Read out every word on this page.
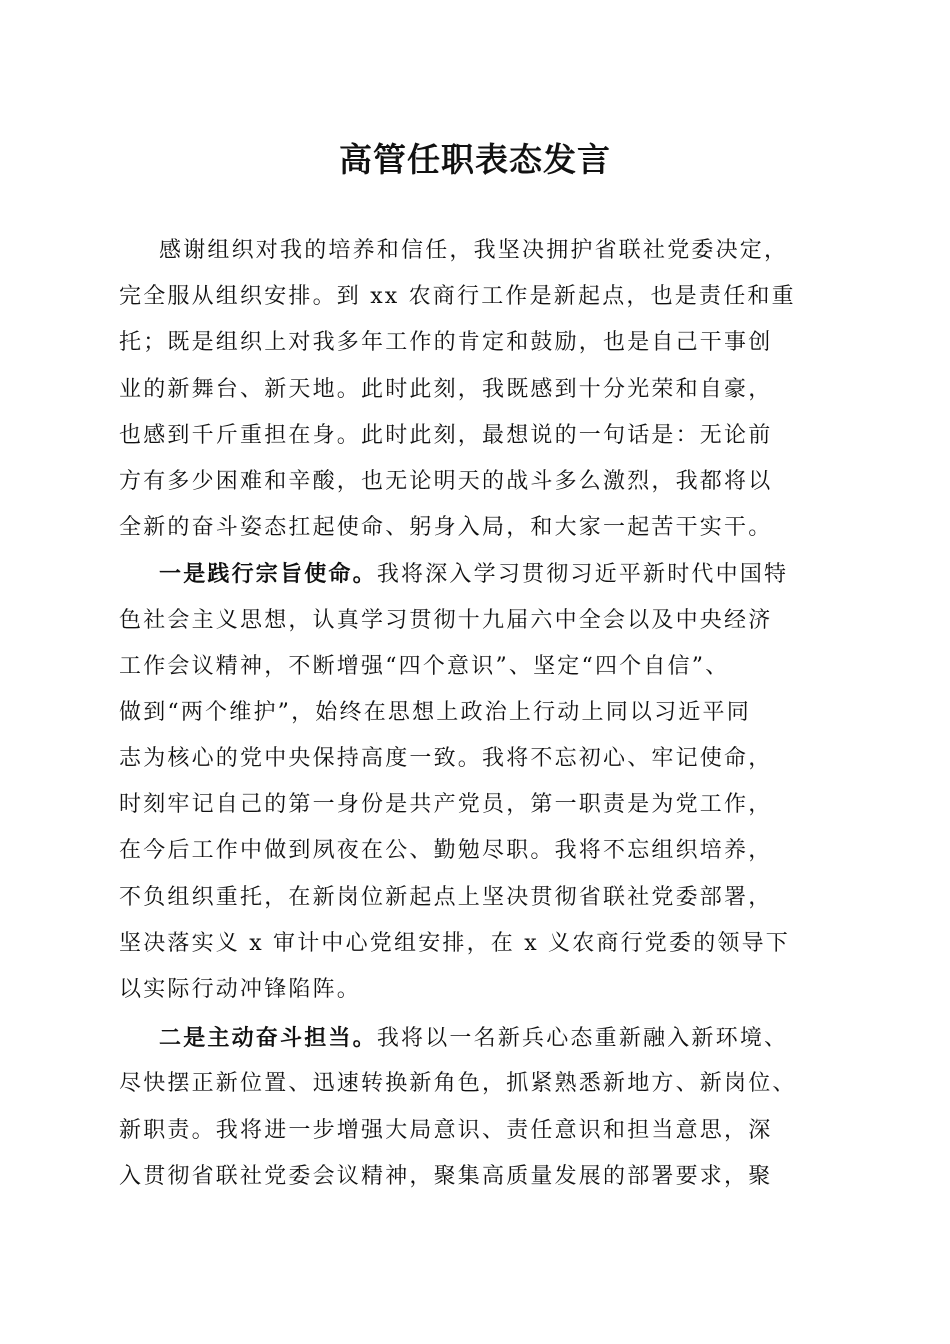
高管任职表态发言
感谢组织对我的培养和信任，我坚决拥护省联社党委决定，
完全服从组织安排。到 xx 农商行工作是新起点，也是责任和重
托；既是组织上对我多年工作的肯定和鼓励，也是自己干事创
业的新舞台、新天地。此时此刻，我既感到十分光荣和自豪，
也感到千斤重担在身。此时此刻，最想说的一句话是：无论前
方有多少困难和辛酸，也无论明天的战斗多么激烈，我都将以
全新的奋斗姿态扛起使命、躬身入局，和大家一起苦干实干。
一是践行宗旨使命。我将深入学习贯彻习近平新时代中国特
色社会主义思想，认真学习贯彻十九届六中全会以及中央经济
工作会议精神，不断增强“四个意识”、坚定“四个自信”、
做到“两个维护”，始终在思想上政治上行动上同以习近平同
志为核心的党中央保持高度一致。我将不忘初心、牢记使命，
时刻牢记自己的第一身份是共产党员，第一职责是为党工作，
在今后工作中做到夙夜在公、勤勉尽职。我将不忘组织培养，
不负组织重托，在新岗位新起点上坚决贯彻省联社党委部署，
坚决落实义 x 审计中心党组安排，在 x 义农商行党委的领导下
以实际行动冲锋陷阵。
二是主动奋斗担当。我将以一名新兵心态重新融入新环境、
尽快摆正新位置、迅速转换新角色，抓紧熟悉新地方、新岗位、
新职责。我将进一步增强大局意识、责任意识和担当意思，深
入贯彻省联社党委会议精神，聚集高质量发展的部署要求，聚
